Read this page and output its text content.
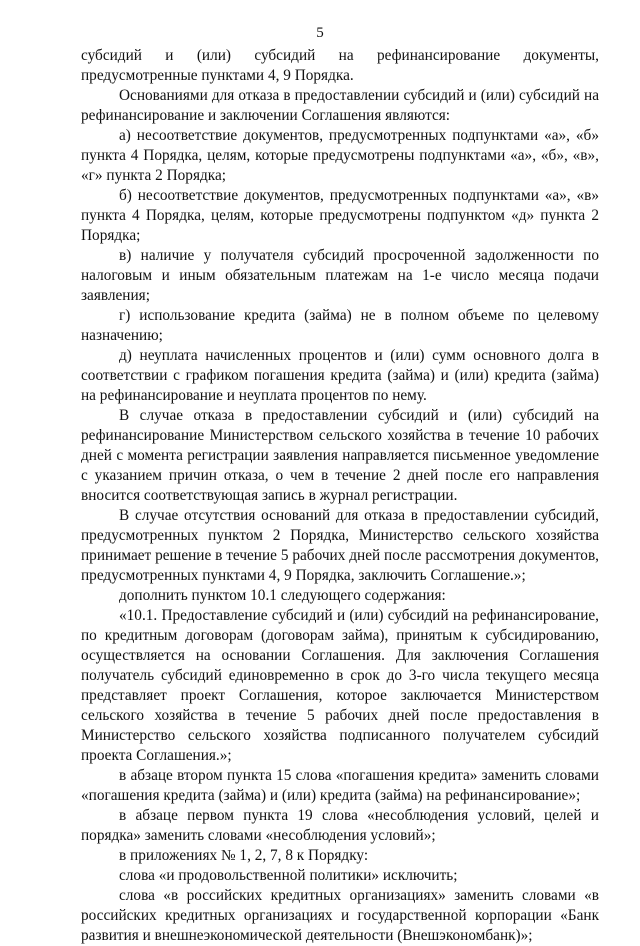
5

субсидий и (или) субсидий на рефинансирование документы, предусмотренные пунктами 4, 9 Порядка.

Основаниями для отказа в предоставлении субсидий и (или) субсидий на рефинансирование и заключении Соглашения являются:

а) несоответствие документов, предусмотренных подпунктами «а», «б» пункта 4 Порядка, целям, которые предусмотрены подпунктами «а», «б», «в», «г» пункта 2 Порядка;

б) несоответствие документов, предусмотренных подпунктами «а», «в» пункта 4 Порядка, целям, которые предусмотрены подпунктом «д» пункта 2 Порядка;

в) наличие у получателя субсидий просроченной задолженности по налоговым и иным обязательным платежам на 1-е число месяца подачи заявления;

г) использование кредита (займа) не в полном объеме по целевому назначению;

д) неуплата начисленных процентов и (или) сумм основного долга в соответствии с графиком погашения кредита (займа) и (или) кредита (займа) на рефинансирование и неуплата процентов по нему.

В случае отказа в предоставлении субсидий и (или) субсидий на рефинансирование Министерством сельского хозяйства в течение 10 рабочих дней с момента регистрации заявления направляется письменное уведомление с указанием причин отказа, о чем в течение 2 дней после его направления вносится соответствующая запись в журнал регистрации.

В случае отсутствия оснований для отказа в предоставлении субсидий, предусмотренных пунктом 2 Порядка, Министерство сельского хозяйства принимает решение в течение 5 рабочих дней после рассмотрения документов, предусмотренных пунктами 4, 9 Порядка, заключить Соглашение.»;

дополнить пунктом 10.1 следующего содержания:

«10.1. Предоставление субсидий и (или) субсидий на рефинансирование, по кредитным договорам (договорам займа), принятым к субсидированию, осуществляется на основании Соглашения. Для заключения Соглашения получатель субсидий единовременно в срок до 3-го числа текущего месяца представляет проект Соглашения, которое заключается Министерством сельского хозяйства в течение 5 рабочих дней после предоставления в Министерство сельского хозяйства подписанного получателем субсидий проекта Соглашения.»;

в абзаце втором пункта 15 слова «погашения кредита» заменить словами «погашения кредита (займа) и (или) кредита (займа) на рефинансирование»;

в абзаце первом пункта 19 слова «несоблюдения условий, целей и порядка» заменить словами «несоблюдения условий»;

в приложениях № 1, 2, 7, 8 к Порядку:

слова «и продовольственной политики» исключить;

слова «в российских кредитных организациях» заменить словами «в российских кредитных организациях и государственной корпорации «Банк развития и внешнеэкономической деятельности (Внешэкономбанк)»;
